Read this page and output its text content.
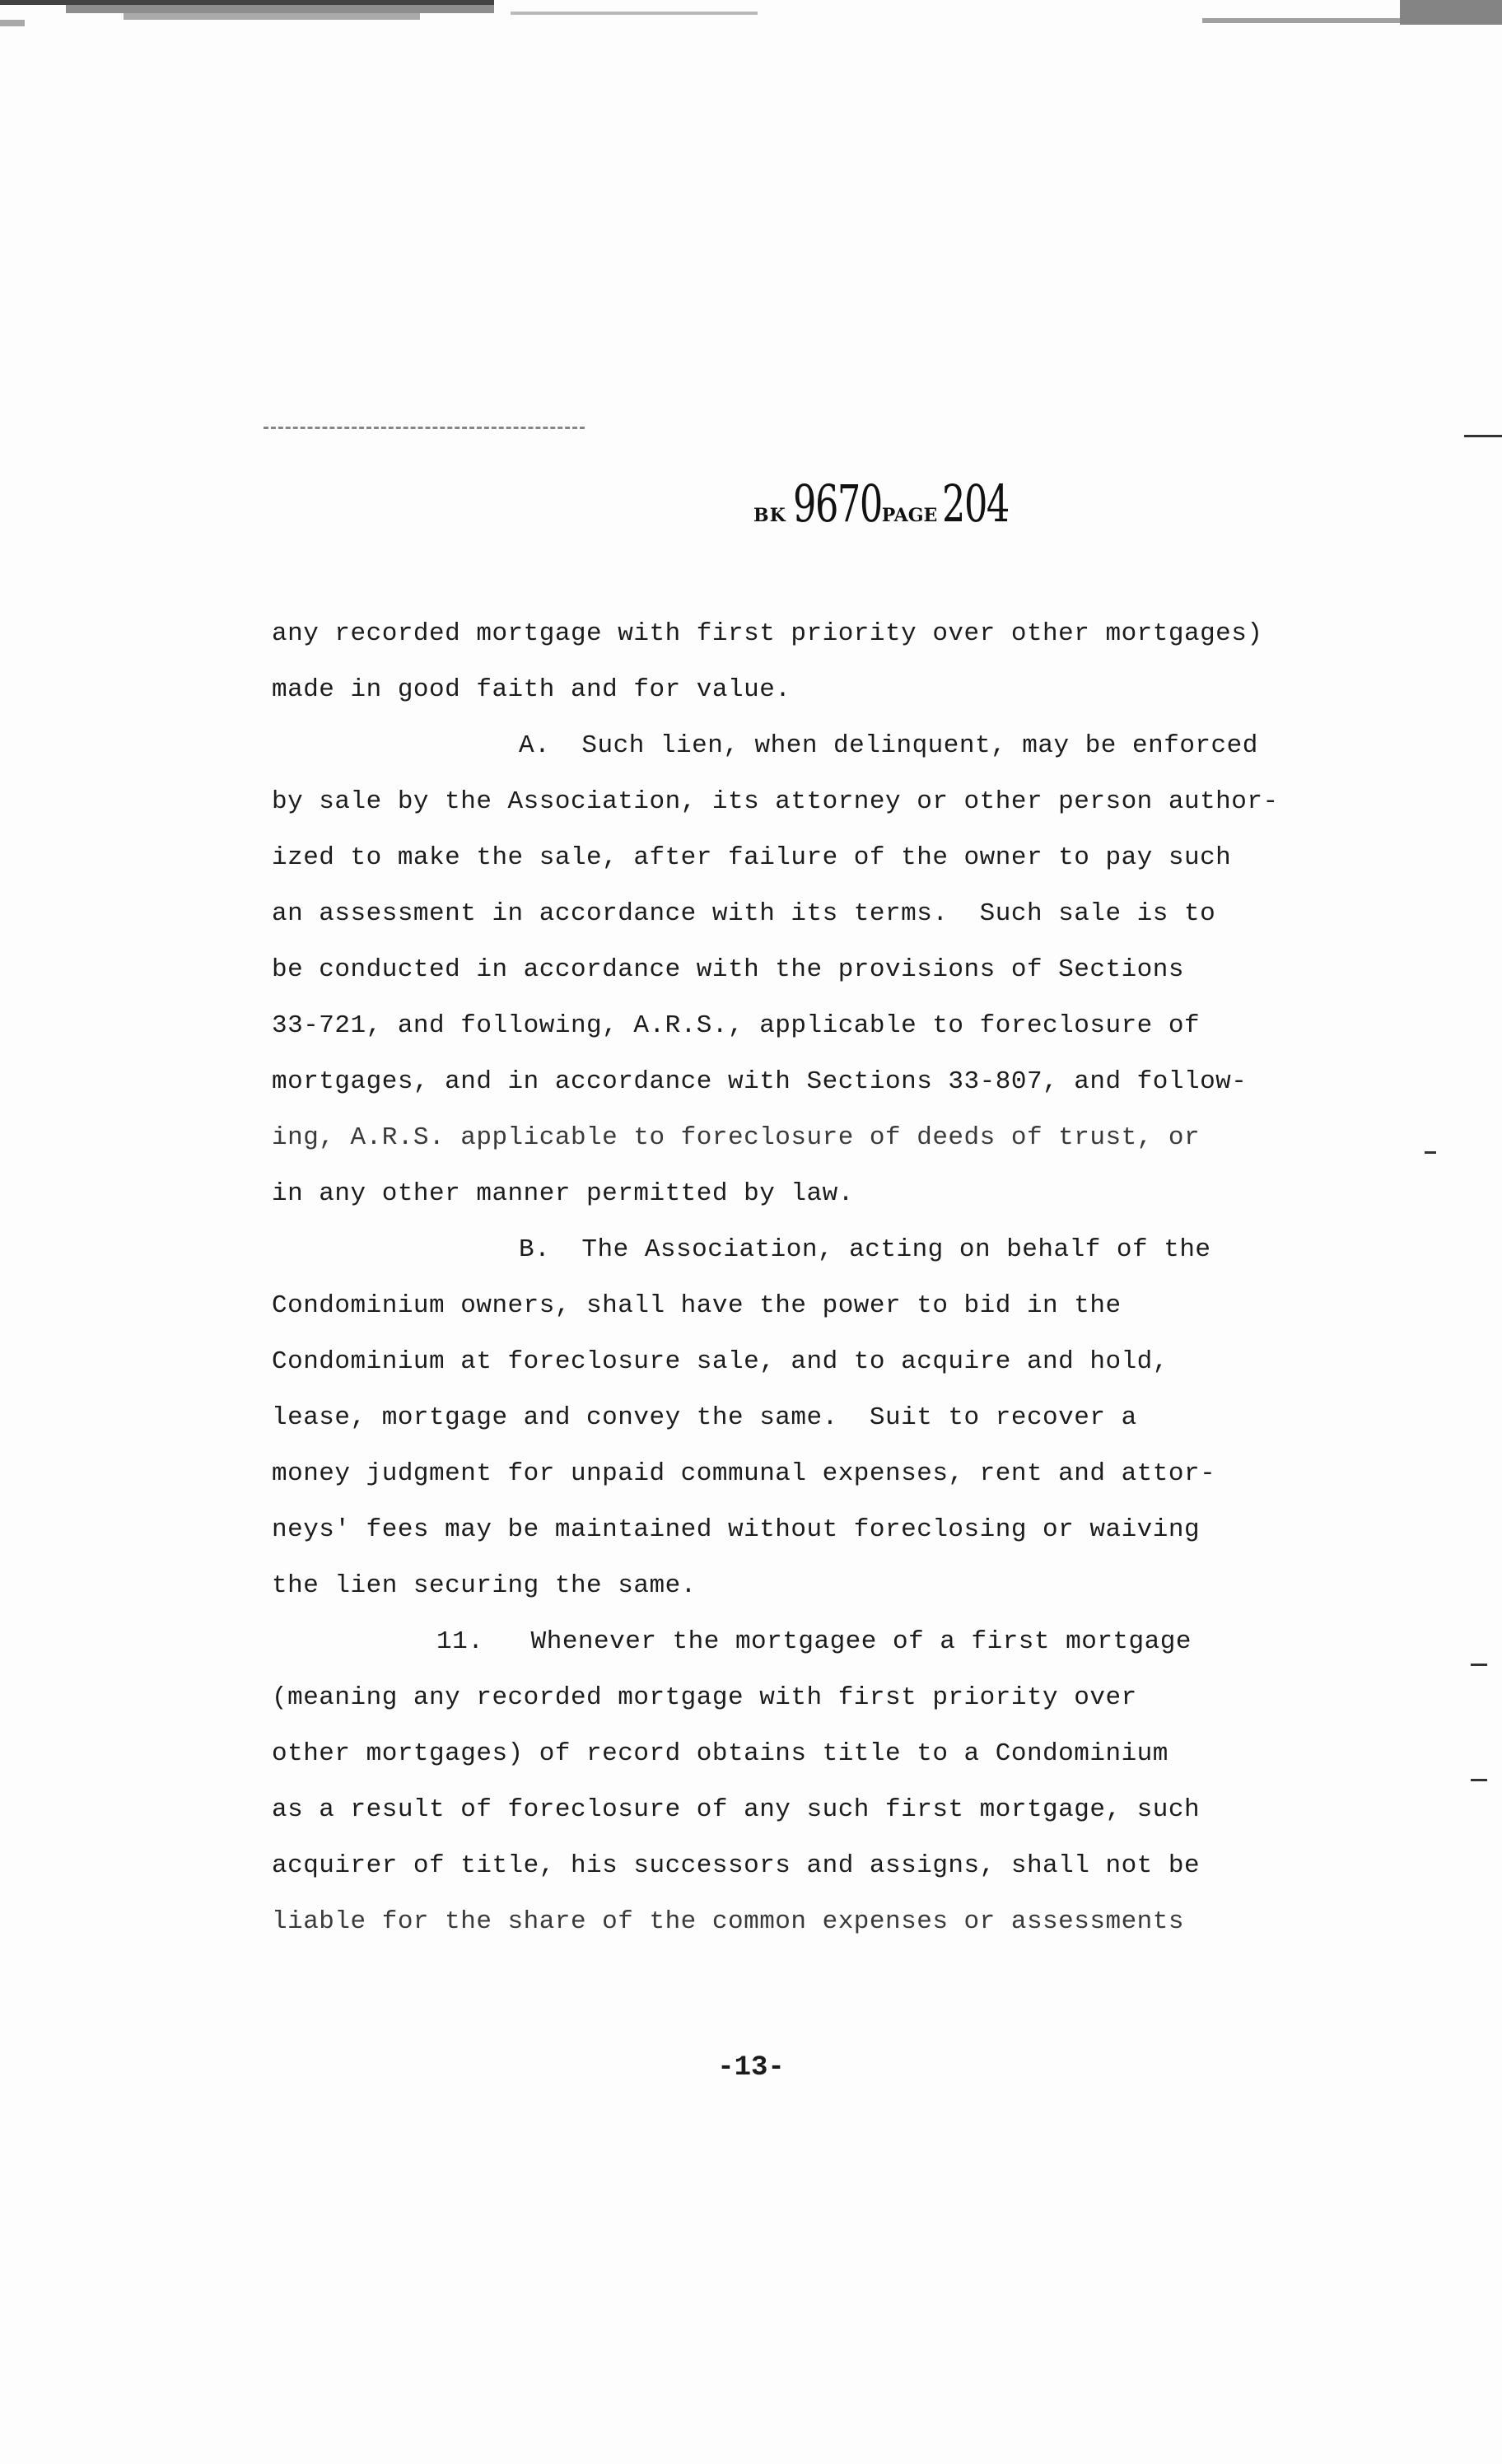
BK 9670 PAGE 204
any recorded mortgage with first priority over other mortgages)
made in good faith and for value.
A.  Such lien, when delinquent, may be enforced
by sale by the Association, its attorney or other person author-
ized to make the sale, after failure of the owner to pay such
an assessment in accordance with its terms.  Such sale is to
be conducted in accordance with the provisions of Sections
33-721, and following, A.R.S., applicable to foreclosure of
mortgages, and in accordance with Sections 33-807, and follow-
ing, A.R.S. applicable to foreclosure of deeds of trust, or
in any other manner permitted by law.
B.  The Association, acting on behalf of the
Condominium owners, shall have the power to bid in the
Condominium at foreclosure sale, and to acquire and hold,
lease, mortgage and convey the same.  Suit to recover a
money judgment for unpaid communal expenses, rent and attor-
neys' fees may be maintained without foreclosing or waiving
the lien securing the same.
11.   Whenever the mortgagee of a first mortgage
(meaning any recorded mortgage with first priority over
other mortgages) of record obtains title to a Condominium
as a result of foreclosure of any such first mortgage, such
acquirer of title, his successors and assigns, shall not be
liable for the share of the common expenses or assessments
-13-
